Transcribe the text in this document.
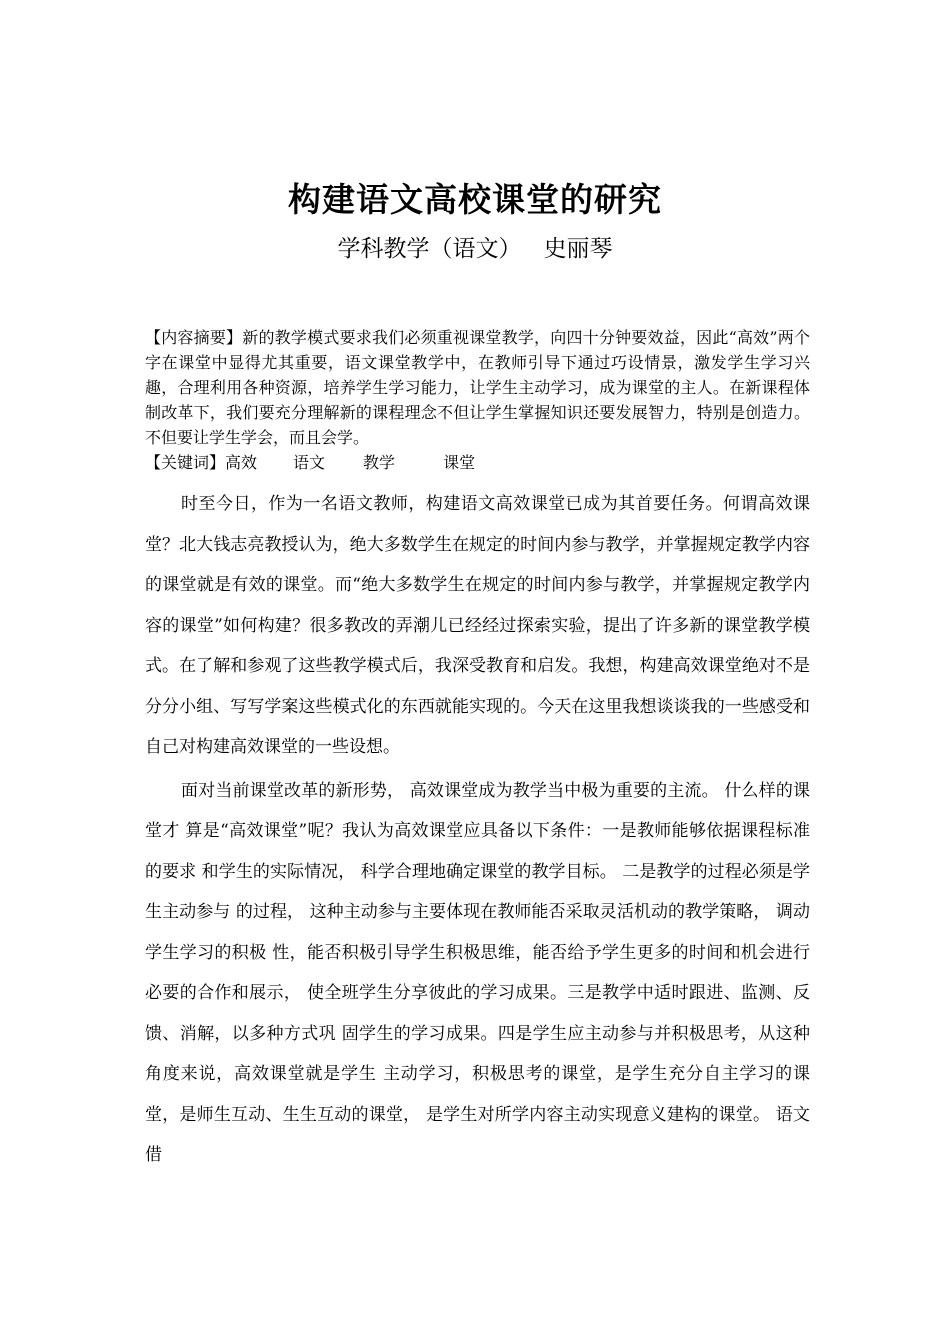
构建语文高校课堂的研究
学科教学（语文） 史丽琴

【内容摘要】新的教学模式要求我们必须重视课堂教学，向四十分钟要效益，因此“高效”两个字在课堂中显得尤其重要，语文课堂教学中，在教师引导下通过巧设情景，激发学生学习兴趣，合理利用各种资源，培养学生学习能力，让学生主动学习，成为课堂的主人。在新课程体制改革下，我们要充分理解新的课程理念不但让学生掌握知识还要发展智力，特别是创造力。不但要让学生学会，而且会学。

【关键词】高效 语文 教学	课堂

时至今日，作为一名语文教师，构建语文高效课堂已成为其首要任务。何谓高效课堂？北大钱志亮教授认为，绝大多数学生在规定的时间内参与教学，并掌握规定教学内容的课堂就是有效的课堂。而“绝大多数学生在规定的时间内参与教学，并掌握规定教学内容的课堂”如何构建？很多教改的弄潮儿已经经过探索实验，提出了许多新的课堂教学模式。在了解和参观了这些教学模式后，我深受教育和启发。我想，构建高效课堂绝对不是分分小组、写写学案这些模式化的东西就能实现的。今天在这里我想谈谈我的一些感受和自己对构建高效课堂的一些设想。

面对当前课堂改革的新形势， 高效课堂成为教学当中极为重要的主流。 什么样的课堂才 算是“高效课堂”呢？我认为高效课堂应具备以下条件：一是教师能够依据课程标准的要求 和学生的实际情况， 科学合理地确定课堂的教学目标。 二是教学的过程必须是学生主动参与 的过程， 这种主动参与主要体现在教师能否采取灵活机动的教学策略， 调动学生学习的积极 性，能否积极引导学生积极思维，能否给予学生更多的时间和机会进行必要的合作和展示， 使全班学生分享彼此的学习成果。三是教学中适时跟进、监测、反馈、消解，以多种方式巩 固学生的学习成果。四是学生应主动参与并积极思考，从这种角度来说，高效课堂就是学生 主动学习，积极思考的课堂，是学生充分自主学习的课堂，是师生互动、生生互动的课堂， 是学生对所学内容主动实现意义建构的课堂。 语文借
